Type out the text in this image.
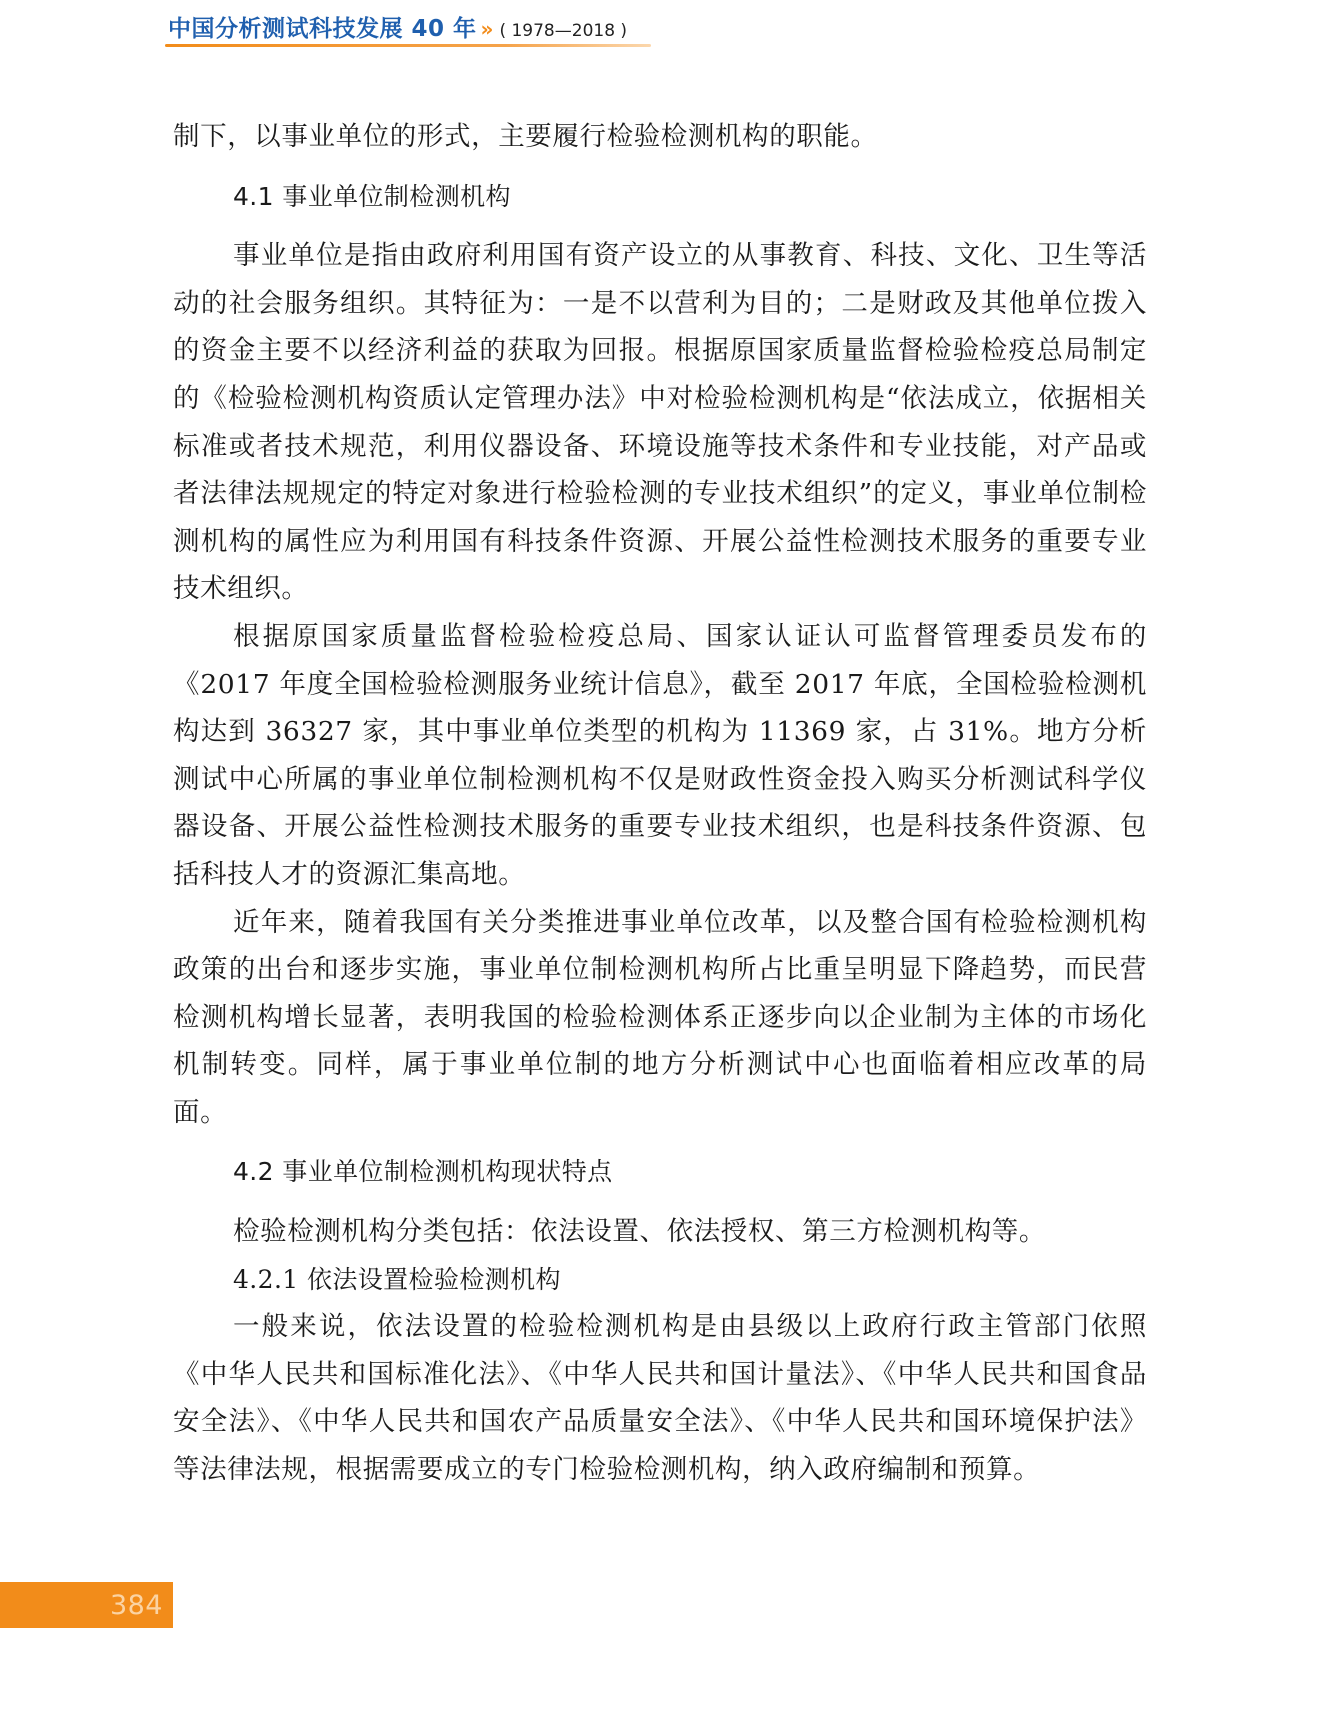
中国分析测试科技发展 40 年 » ( 1978—2018 )

制下，以事业单位的形式，主要履行检验检测机构的职能。

4.1 事业单位制检测机构

事业单位是指由政府利用国有资产设立的从事教育、科技、文化、卫生等活动的社会服务组织。其特征为：一是不以营利为目的；二是财政及其他单位拨入的资金主要不以经济利益的获取为回报。根据原国家质量监督检验检疫总局制定的《检验检测机构资质认定管理办法》中对检验检测机构是“依法成立，依据相关标准或者技术规范，利用仪器设备、环境设施等技术条件和专业技能，对产品或者法律法规规定的特定对象进行检验检测的专业技术组织”的定义，事业单位制检测机构的属性应为利用国有科技条件资源、开展公益性检测技术服务的重要专业技术组织。

根据原国家质量监督检验检疫总局、国家认证认可监督管理委员发布的《2017 年度全国检验检测服务业统计信息》，截至 2017 年底，全国检验检测机构达到 36327 家，其中事业单位类型的机构为 11369 家，占 31%。地方分析测试中心所属的事业单位制检测机构不仅是财政性资金投入购买分析测试科学仪器设备、开展公益性检测技术服务的重要专业技术组织，也是科技条件资源、包括科技人才的资源汇集高地。

近年来，随着我国有关分类推进事业单位改革，以及整合国有检验检测机构政策的出台和逐步实施，事业单位制检测机构所占比重呈明显下降趋势，而民营检测机构增长显著，表明我国的检验检测体系正逐步向以企业制为主体的市场化机制转变。同样，属于事业单位制的地方分析测试中心也面临着相应改革的局面。

4.2 事业单位制检测机构现状特点

检验检测机构分类包括：依法设置、依法授权、第三方检测机构等。

4.2.1 依法设置检验检测机构

一般来说，依法设置的检验检测机构是由县级以上政府行政主管部门依照《中华人民共和国标准化法》、《中华人民共和国计量法》、《中华人民共和国食品安全法》、《中华人民共和国农产品质量安全法》、《中华人民共和国环境保护法》等法律法规，根据需要成立的专门检验检测机构，纳入政府编制和预算。

384
